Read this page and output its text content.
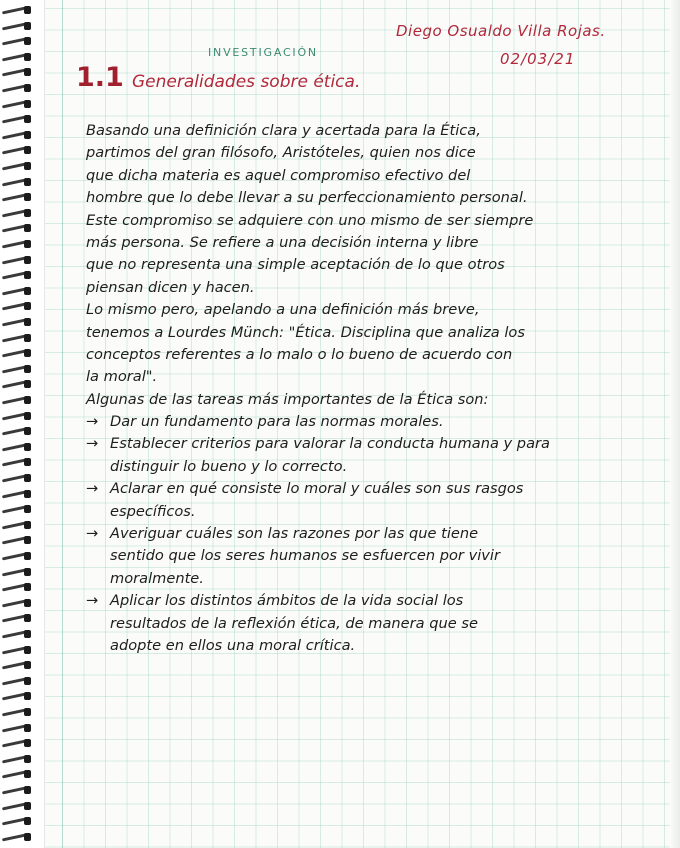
Diego Osualdo Villa Rojas.
02/03/21
INVESTIGACIÓN
1.1 Generalidades sobre ética.
Basando una definición clara y acertada para la Ética,
partimos del gran filósofo, Aristóteles, quien nos dice
que dicha materia es aquel compromiso efectivo del
hombre que lo debe llevar a su perfeccionamiento personal.
Este compromiso se adquiere con uno mismo de ser siempre
más persona. Se refiere a una decisión interna y libre
que no representa una simple aceptación de lo que otros
piensan dicen y hacen.
Lo mismo pero, apelando a una definición más breve,
tenemos a Lourdes Münch: "Ética. Disciplina que analiza los
conceptos referentes a lo malo o lo bueno de acuerdo con
la moral".
Algunas de las tareas más importantes de la Ética son:
→ Dar un fundamento para las normas morales.
→ Establecer criterios para valorar la conducta humana y para
distinguir lo bueno y lo correcto.
→ Aclarar en qué consiste lo moral y cuáles son sus rasgos
específicos.
→ Averiguar cuáles son las razones por las que tiene
sentido que los seres humanos se esfuercen por vivir
moralmente.
→ Aplicar los distintos ámbitos de la vida social los
resultados de la reflexión ética, de manera que se
adopte en ellos una moral crítica.
